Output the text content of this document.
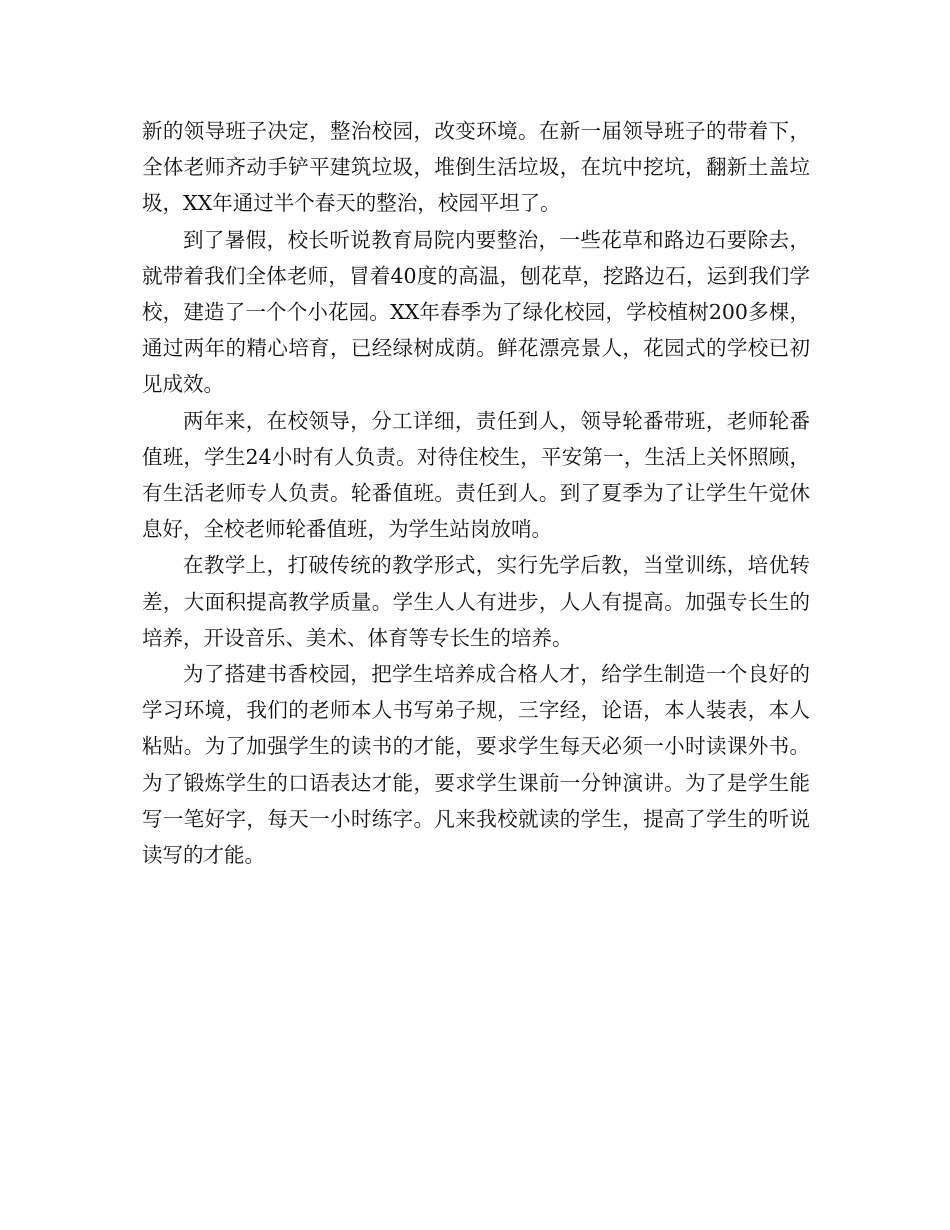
新的领导班子决定，整治校园，改变环境。在新一届领导班子的带着下，全体老师齐动手铲平建筑垃圾，堆倒生活垃圾，在坑中挖坑，翻新土盖垃圾，XX年通过半个春天的整治，校园平坦了。

到了暑假，校长听说教育局院内要整治，一些花草和路边石要除去，就带着我们全体老师，冒着40度的高温，刨花草，挖路边石，运到我们学校，建造了一个个小花园。XX年春季为了绿化校园，学校植树200多棵，通过两年的精心培育，已经绿树成荫。鲜花漂亮景人，花园式的学校已初见成效。

两年来，在校领导，分工详细，责任到人，领导轮番带班，老师轮番值班，学生24小时有人负责。对待住校生，平安第一，生活上关怀照顾，有生活老师专人负责。轮番值班。责任到人。到了夏季为了让学生午觉休息好，全校老师轮番值班，为学生站岗放哨。

在教学上，打破传统的教学形式，实行先学后教，当堂训练，培优转差，大面积提高教学质量。学生人人有进步，人人有提高。加强专长生的培养，开设音乐、美术、体育等专长生的培养。

为了搭建书香校园，把学生培养成合格人才，给学生制造一个良好的学习环境，我们的老师本人书写弟子规，三字经，论语，本人装表，本人粘贴。为了加强学生的读书的才能，要求学生每天必须一小时读课外书。为了锻炼学生的口语表达才能，要求学生课前一分钟演讲。为了是学生能写一笔好字，每天一小时练字。凡来我校就读的学生，提高了学生的听说读写的才能。
